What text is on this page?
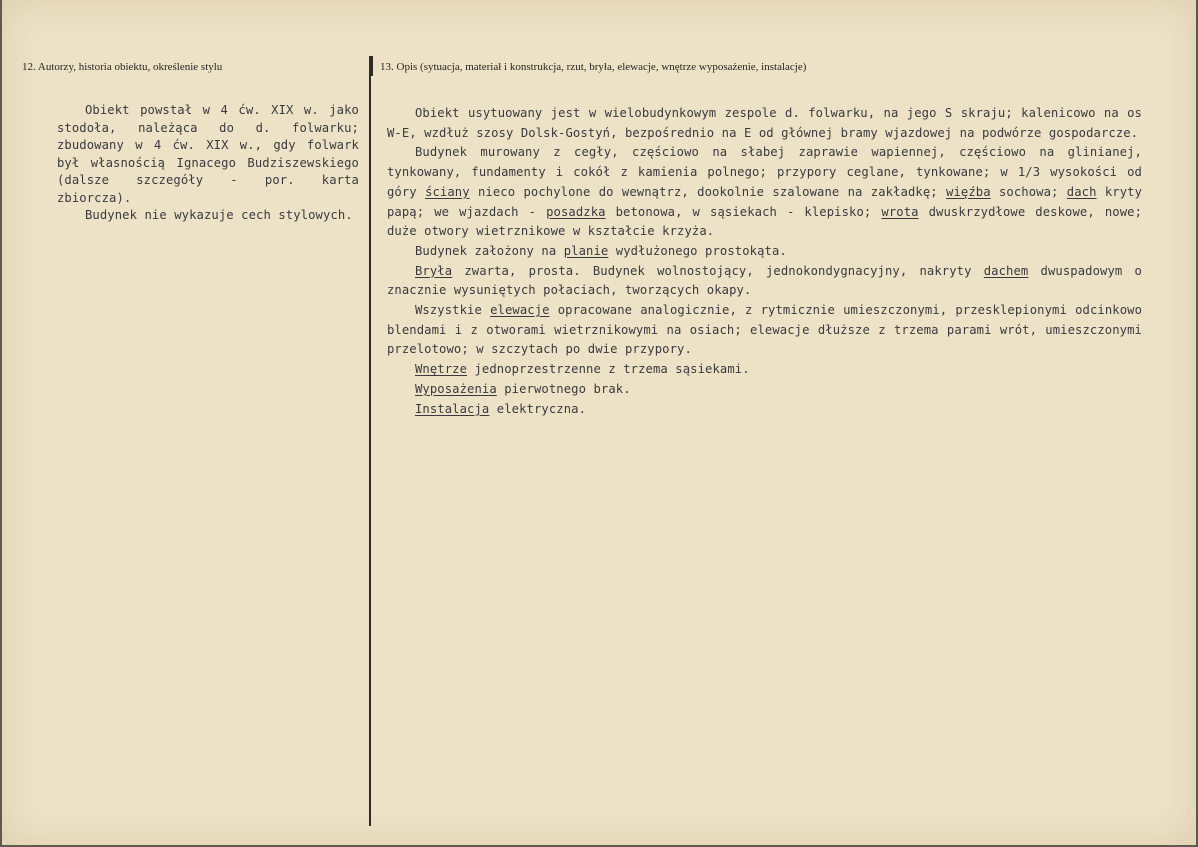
12. Autorzy, historia obiektu, określenie stylu	13. Opis (sytuacja, materiał i konstrukcja, rzut, bryła, elewacje, wnętrze wyposażenie, instalacje)

Obiekt powstał w 4 ćw. XIX w. jako stodoła, należąca do d. folwarku; zbudowany w 4 ćw. XIX w., gdy folwark był własnością Ignacego Budziszewskiego (dalsze szczegóły - por. karta zbiorcza).

Budynek nie wykazuje cech stylowych.

Obiekt usytuowany jest w wielobudynkowym zespole d. folwarku, na jego S skraju; kalenicowo na os W-E, wzdłuż szosy Dolsk-Gostyń, bezpośrednio na E od głównej bramy wjazdowej na podwórze gospodarcze.

Budynek murowany z cegły, częściowo na słabej zaprawie wapiennej, częściowo na glinianej, tynkowany, fundamenty i cokół z kamienia polnego; przypory ceglane, tynkowane; w 1/3 wysokości od góry ściany nieco pochylone do wewnątrz, dookolnie szalowane na zakładkę; więźba sochowa; dach kryty papą; we wjazdach - posadzka betonowa, w sąsiekach - klepisko; wrota dwuskrzydłowe deskowe, nowe; duże otwory wietrznikowe w kształcie krzyża.

Budynek założony na planie wydłużonego prostokąta.

Bryła zwarta, prosta. Budynek wolnostojący, jednokondygnacyjny, nakryty dachem dwuspadowym o znacznie wysuniętych połaciach, tworzących okapy.

Wszystkie elewacje opracowane analogicznie, z rytmicznie umieszczonymi, przesklepionymi odcinkowo blendami i z otworami wietrznikowymi na osiach; elewacje dłuższe z trzema parami wrót, umieszczonymi przelotowo; w szczytach po dwie przypory.

Wnętrze jednoprzestrzenne z trzema sąsiekami.

Wyposażenia pierwotnego brak.

Instalacja elektryczna.
